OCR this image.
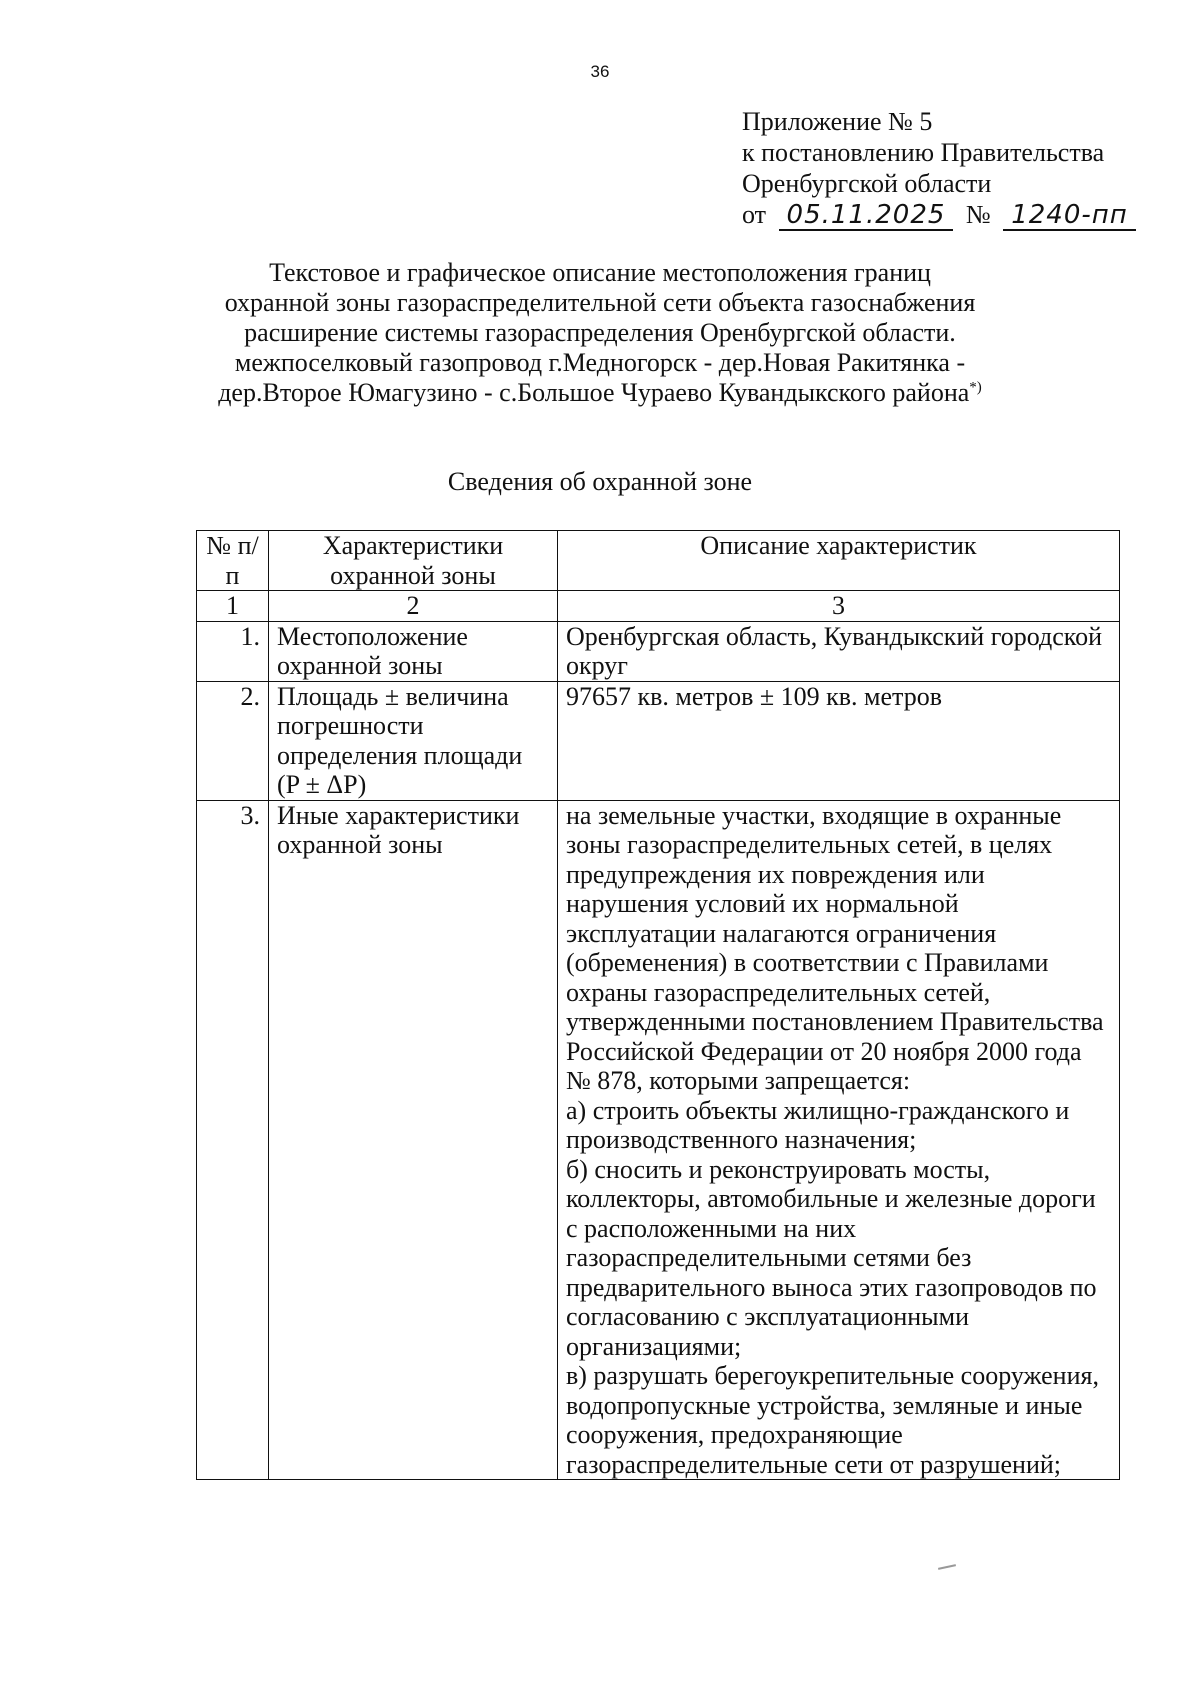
36
Приложение № 5
к постановлению Правительства
Оренбургской области
от 05.11.2025 № 1240-пп
Текстовое и графическое описание местоположения границ
охранной зоны газораспределительной сети объекта газоснабжения
расширение системы газораспределения Оренбургской области.
межпоселковый газопровод г.Медногорск - дер.Новая Ракитянка -
дер.Второе Юмагузино - с.Большое Чураево Кувандыкского района*)
Сведения об охранной зоне
№ п/п	Характеристики охранной зоны	Описание характеристик
1	2	3
1.	Местоположение охранной зоны	Оренбургская область, Кувандыкский городской округ

2.	Площадь ± величина погрешности определения площади (P ± ΔP)	97657 кв. метров ± 109 кв. метров

3.	Иные характеристики охранной зоны	на земельные участки, входящие в охранные зоны газораспределительных сетей, в целях предупреждения их повреждения или нарушения условий их нормальной эксплуатации налагаются ограничения (обременения) в соответствии с Правилами охраны газораспределительных сетей, утвержденными постановлением Правительства Российской Федерации от 20 ноября 2000 года № 878, которыми запрещается:

а) строить объекты жилищно-гражданского и производственного назначения;

б) сносить и реконструировать мосты, коллекторы, автомобильные и железные дороги с расположенными на них газораспределительными сетями без предварительного выноса этих газопроводов по согласованию с эксплуатационными организациями;

в) разрушать берегоукрепительные сооружения, водопропускные устройства, земляные и иные сооружения, предохраняющие газораспределительные сети от разрушений;
